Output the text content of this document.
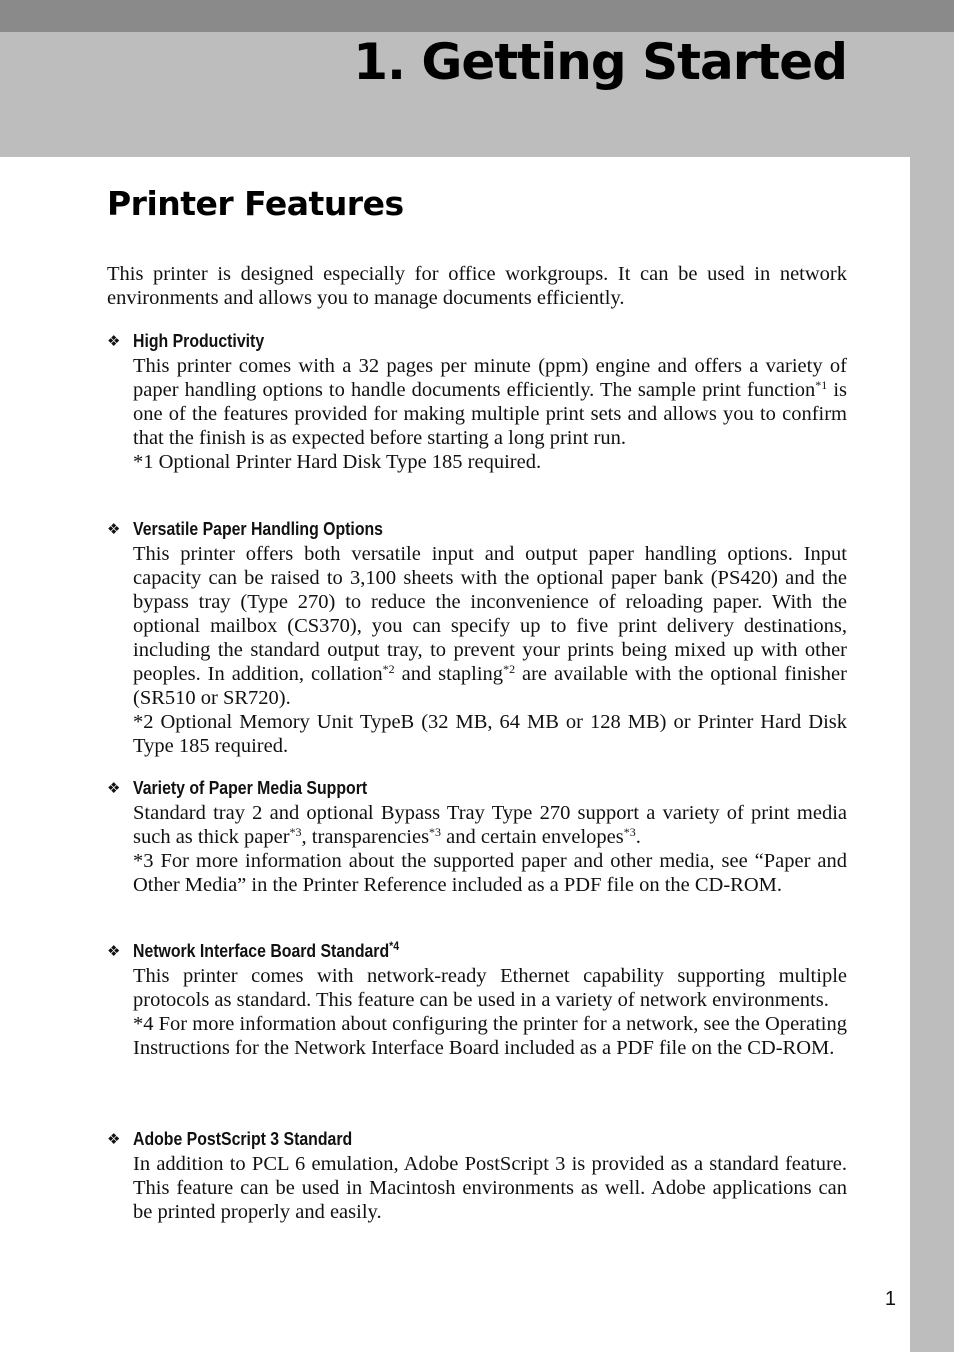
1. Getting Started
Printer Features

This printer is designed especially for office workgroups. It can be used in network environments and allows you to manage documents efficiently.

❖ High Productivity

This printer comes with a 32 pages per minute (ppm) engine and offers a variety of paper handling options to handle documents efficiently. The sample print function$^{*1}$ is one of the features provided for making multiple print sets and allows you to confirm that the finish is as expected before starting a long print run.

*1 Optional Printer Hard Disk Type 185 required.

❖ Versatile Paper Handling Options

This printer offers both versatile input and output paper handling options. Input capacity can be raised to 3,100 sheets with the optional paper bank (PS420) and the bypass tray (Type 270) to reduce the inconvenience of reloading paper. With the optional mailbox (CS370), you can specify up to five print delivery destinations, including the standard output tray, to prevent your prints being mixed up with other peoples. In addition, collation$^{*2}$ and stapling$^{*2}$ are available with the optional finisher (SR510 or SR720).

*2 Optional Memory Unit TypeB (32 MB, 64 MB or 128 MB) or Printer Hard Disk Type 185 required.

❖ Variety of Paper Media Support

Standard tray 2 and optional Bypass Tray Type 270 support a variety of print media such as thick paper$^{*3}$, transparencies$^{*3}$ and certain envelopes$^{*3}$.

*3 For more information about the supported paper and other media, see “Paper and Other Media” in the Printer Reference included as a PDF file on the CD-ROM.

❖ Network Interface Board Standard$^{*4}$

This printer comes with network-ready Ethernet capability supporting multiple protocols as standard. This feature can be used in a variety of network environments.

*4 For more information about configuring the printer for a network, see the Operating Instructions for the Network Interface Board included as a PDF file on the CD-ROM.

❖ Adobe PostScript 3 Standard

In addition to PCL 6 emulation, Adobe PostScript 3 is provided as a standard feature. This feature can be used in Macintosh environments as well. Adobe applications can be printed properly and easily.

1
